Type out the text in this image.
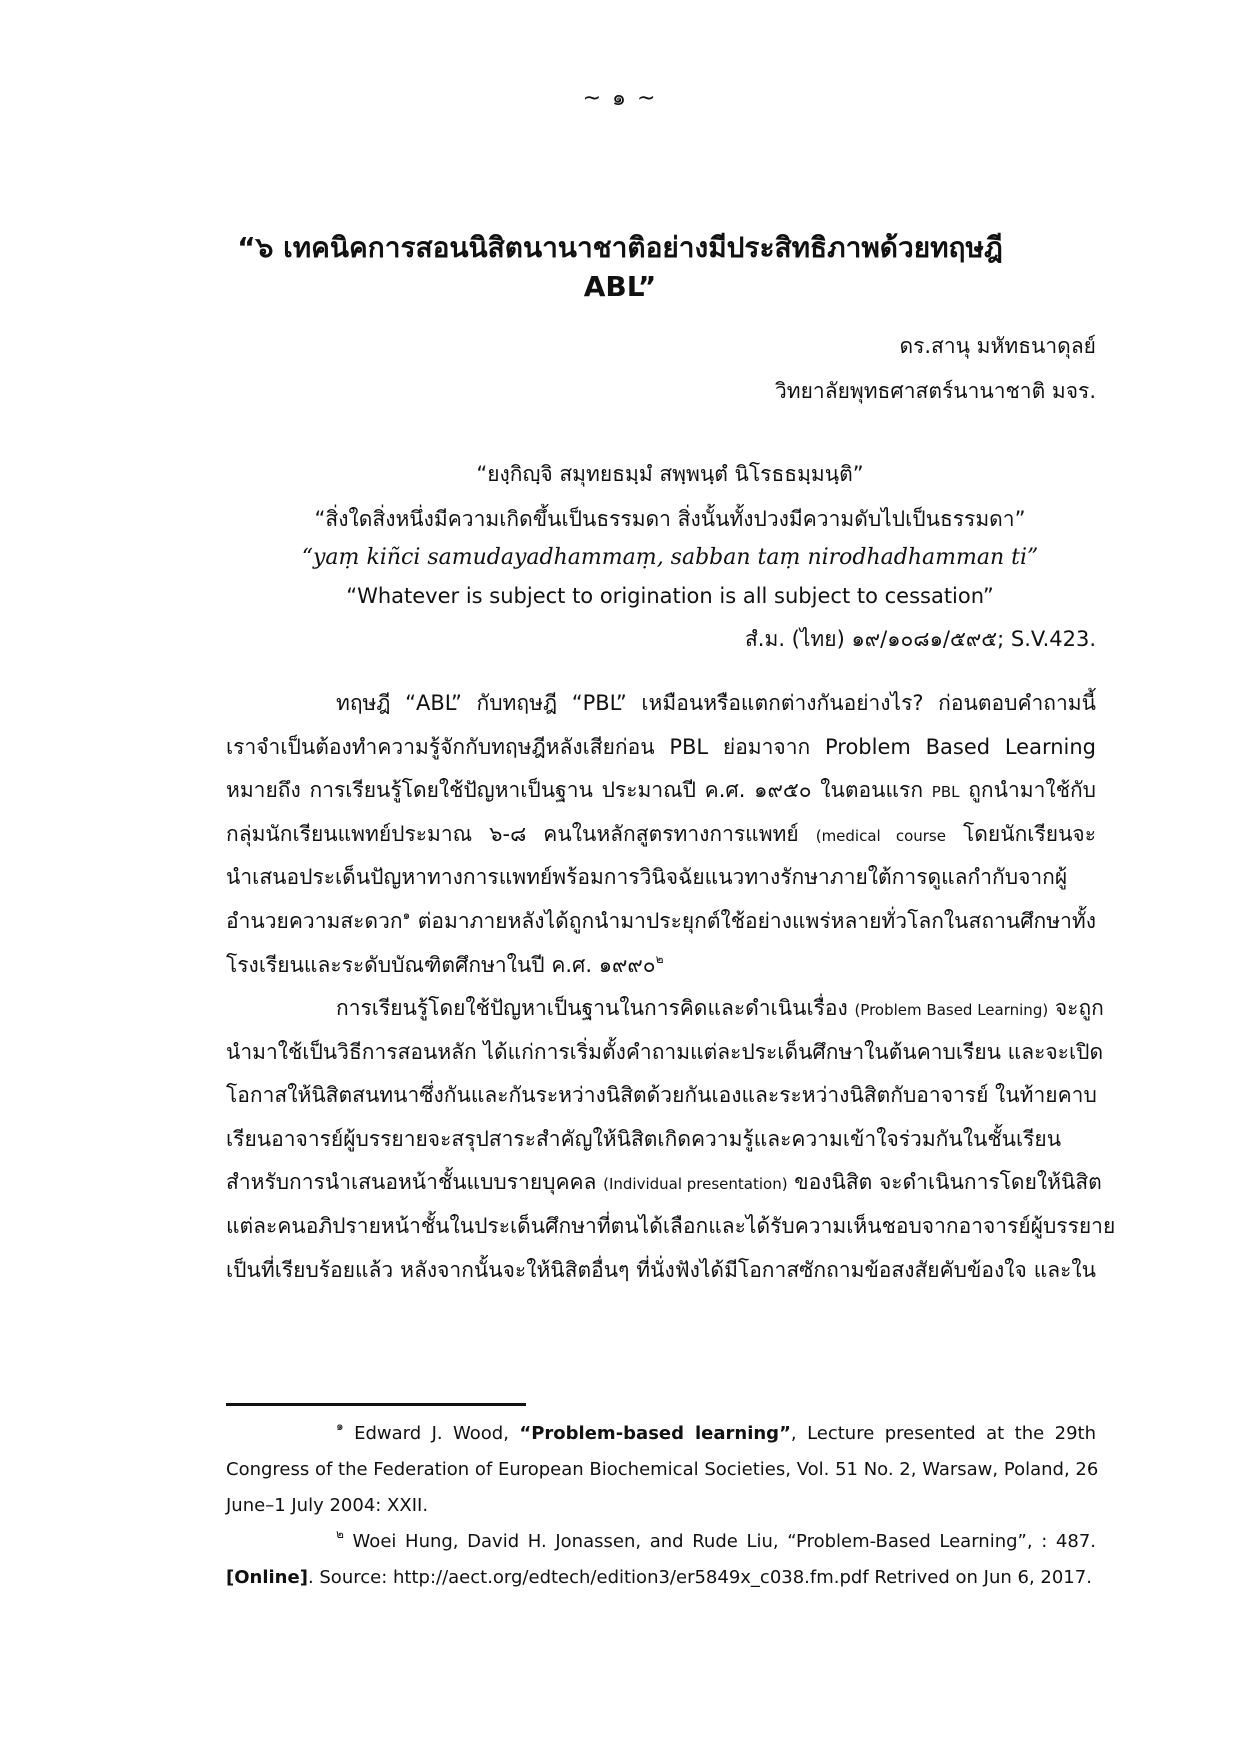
~ ๑ ~
“๖ เทคนิคการสอนนิสิตนานาชาติอย่างมีประสิทธิภาพด้วยทฤษฎี ABL”
ดร.สานุ มหัทธนาดุลย์
วิทยาลัยพุทธศาสตร์นานาชาติ มจร.
“ยงฺกิญฺจิ สมุทยธมฺมํ สพฺพนฺตํ นิโรธธมฺมนฺติ”
“สิ่งใดสิ่งหนึ่งมีความเกิดขึ้นเป็นธรรมดา สิ่งนั้นทั้งปวงมีความดับไปเป็นธรรมดา”
“yaṃ kiñci samudayadhammaṃ, sabban taṃ nirodhadhamman ti”
“Whatever is subject to origination is all subject to cessation”
สํ.ม. (ไทย) ๑๙/๑๐๘๑/๕๙๕; S.V.423.
ทฤษฎี “ABL” กับทฤษฎี “PBL” เหมือนหรือแตกต่างกันอย่างไร? ก่อนตอบคำถามนี้
เราจำเป็นต้องทำความรู้จักกับทฤษฎีหลังเสียก่อน PBL ย่อมาจาก Problem Based Learning
หมายถึง การเรียนรู้โดยใช้ปัญหาเป็นฐาน ประมาณปี ค.ศ. ๑๙๕๐ ในตอนแรก PBL ถูกนำมาใช้กับ
กลุ่มนักเรียนแพทย์ประมาณ ๖-๘ คนในหลักสูตรทางการแพทย์ (medical course โดยนักเรียนจะ
นำเสนอประเด็นปัญหาทางการแพทย์พร้อมการวินิจฉัยแนวทางรักษาภายใต้การดูแลกำกับจากผู้
อำนวยความสะดวก$^๑$ ต่อมาภายหลังได้ถูกนำมาประยุกต์ใช้อย่างแพร่หลายทั่วโลกในสถานศึกษาทั้ง
โรงเรียนและระดับบัณฑิตศึกษาในปี ค.ศ. ๑๙๙๐$^๒$
การเรียนรู้โดยใช้ปัญหาเป็นฐานในการคิดและดำเนินเรื่อง (Problem Based Learning) จะถูก
นำมาใช้เป็นวิธีการสอนหลัก ได้แก่การเริ่มตั้งคำถามแต่ละประเด็นศึกษาในต้นคาบเรียน และจะเปิด
โอกาสให้นิสิตสนทนาซึ่งกันและกันระหว่างนิสิตด้วยกันเองและระหว่างนิสิตกับอาจารย์ ในท้ายคาบ
เรียนอาจารย์ผู้บรรยายจะสรุปสาระสำคัญให้นิสิตเกิดความรู้และความเข้าใจร่วมกันในชั้นเรียน
สำหรับการนำเสนอหน้าชั้นแบบรายบุคคล (Individual presentation) ของนิสิต จะดำเนินการโดยให้นิสิต
แต่ละคนอภิปรายหน้าชั้นในประเด็นศึกษาที่ตนได้เลือกและได้รับความเห็นชอบจากอาจารย์ผู้บรรยาย
เป็นที่เรียบร้อยแล้ว หลังจากนั้นจะให้นิสิตอื่นๆ ที่นั่งฟังได้มีโอกาสซักถามข้อสงสัยคับข้องใจ และใน
$^๑$ Edward J. Wood, “Problem-based learning”, Lecture presented at the 29th
Congress of the Federation of European Biochemical Societies, Vol. 51 No. 2, Warsaw, Poland, 26
June–1 July 2004: XXII.
$^๒$ Woei Hung, David H. Jonassen, and Rude Liu, “Problem-Based Learning”, : 487.
[Online]. Source: http://aect.org/edtech/edition3/er5849x_c038.fm.pdf Retrived on Jun 6, 2017.
